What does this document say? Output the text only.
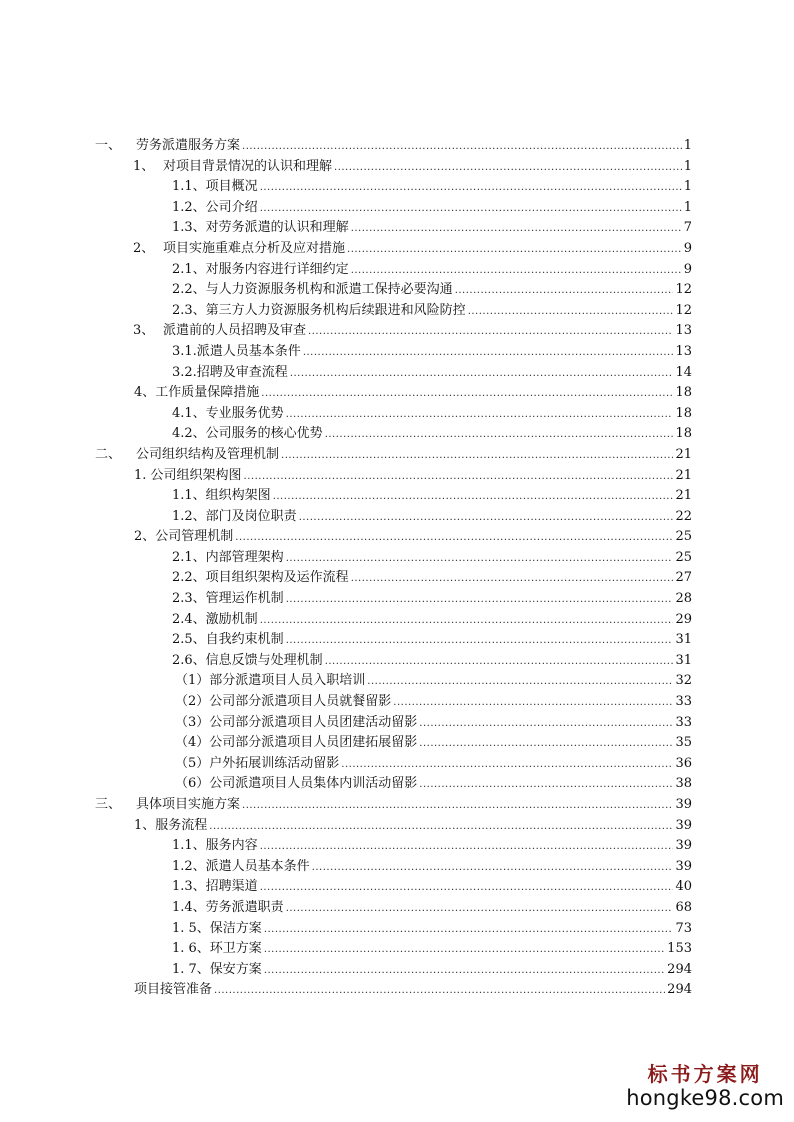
一、 劳务派遣服务方案 .....	1
1、 对项目背景情况的认识和理解 .....	1
1.1、项目概况 .....	1
1.2、公司介绍 .....	1
1.3、对劳务派遣的认识和理解 .....	7
2、 项目实施重难点分析及应对措施 .....	9
2.1、对服务内容进行详细约定 .....	9
2.2、与人力资源服务机构和派遣工保持必要沟通 .....	12
2.3、第三方人力资源服务机构后续跟进和风险防控 .....	12
3、 派遣前的人员招聘及审查 .....	13
3.1.派遣人员基本条件 .....	13
3.2.招聘及审查流程 .....	14
4、工作质量保障措施 .....	18
4.1、专业服务优势 .....	18
4.2、公司服务的核心优势 .....	18
二、 公司组织结构及管理机制 .....	21
1. 公司组织架构图 .....	21
1.1、组织构架图 .....	21
1.2、部门及岗位职责 .....	22
2、公司管理机制 .....	25
2.1、内部管理架构 .....	25
2.2、项目组织架构及运作流程 .....	27
2.3、管理运作机制 .....	28
2.4、激励机制 .....	29
2.5、自我约束机制 .....	31
2.6、信息反馈与处理机制 .....	31
（1）部分派遣项目人员入职培训 .....	32
（2）公司部分派遣项目人员就餐留影 .....	33
（3）公司部分派遣项目人员团建活动留影 .....	33
（4）公司部分派遣项目人员团建拓展留影 .....	35
（5）户外拓展训练活动留影 .....	36
（6）公司派遣项目人员集体内训活动留影 .....	38
三、 具体项目实施方案 .....	39
1、服务流程 .....	39
1.1、服务内容 .....	39
1.2、派遣人员基本条件 .....	39
1.3、招聘渠道 .....	40
1.4、劳务派遣职责 .....	68
1. 5、保洁方案 .....	73
1. 6、环卫方案 .....	153
1. 7、保安方案 .....	294
项目接管准备 .....	294
标书方案网
hongke98.com
